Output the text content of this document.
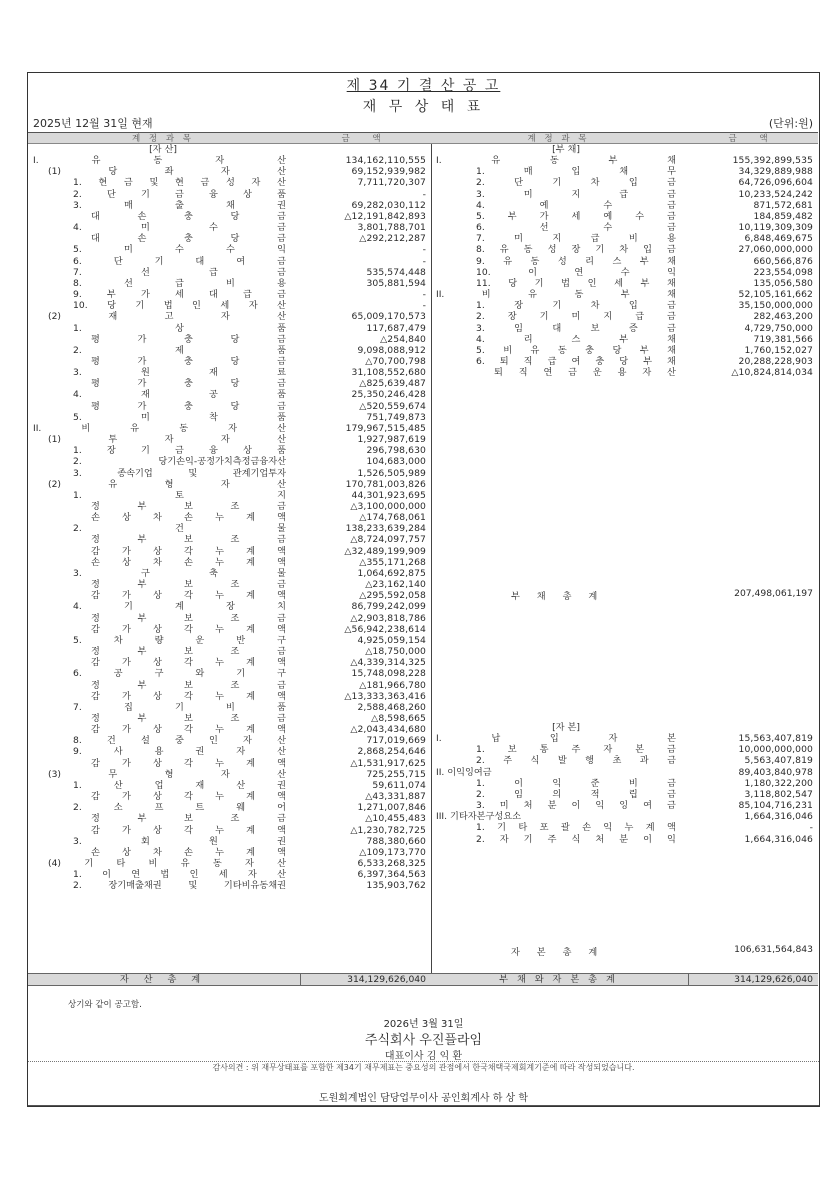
제 34 기 결 산 공 고
재 무 상 태 표
2025년 12월 31일 현재	(단위:원)
계 정 과 목	금 액
[자 산]
I.	유	동	자	산	134,162,110,555
(1)	당	좌	자	산	69,152,939,982
1. 현 금 및 현 금 성 자 산	7,711,720,307
2.	단	기	금	융	상	품	-
3.	매	출	채	권	69,282,030,112
대	손	충	당	금	△12,191,842,893
4.	미	수	금	3,801,788,701
대	손	충	당	금	△292,212,287
5.	미	수	수	익	-
6.	단	기	대	여	금	-
7.	선	급	금	535,574,448
8.	선	급	비	용	305,881,594
9.	부	가	세	대	급	금	-
10. 당 기 법 인 세 자 산	-
(2)	재	고	자	산	65,009,170,573
1.	상	품	117,687,479
평	가	충	당	금	△254,840
2.	제	품	9,098,088,912
평	가	충	당	금	△70,700,798
3.	원	재	료	31,108,552,680
평	가	충	당	금	△825,639,487
4.	재	공	품	25,350,246,428
평	가	충	당	금	△520,559,674
5.	미	착	품	751,749,873
II.	비	유	동	자	산	179,967,515,485
(1)	투	자	자	산	1,927,987,619
1.	장	기	금	융	상	품	296,798,630
2.	당기손익-공정가치측정금융자산	104,683,000
3.	종속기업	및	관계기업투자	1,526,505,989
(2)	유	형	자	산	170,781,003,826
1.	토	지	44,301,923,695
정	부	보	조	금	△3,100,000,000
손 상 차 손 누 계 액	△174,768,061
2.	건	물	138,233,639,284
정	부	보	조	금	△8,724,097,757
감 가 상 각 누 계 액	△32,489,199,909
손 상 차 손 누 계 액	△355,171,268
3.	구	축	물	1,064,692,875
정	부	보	조	금	△23,162,140
감 가 상 각 누 계 액	△295,592,058
4.	기	계	장	치	86,799,242,099
정	부	보	조	금	△2,903,818,786
감 가 상 각 누 계 액	△56,942,238,614
5.	차	량	운	반	구	4,925,059,154
정	부	보	조	금	△18,750,000
감 가 상 각 누 계 액	△4,339,314,325
6.	공	구	와	기	구	15,748,098,228
정	부	보	조	금	△181,966,780
감 가 상 각 누 계 액	△13,333,363,416
7.	집	기	비	품	2,588,468,260
정	부	보	조	금	△8,598,665
감 가 상 각 누 계 액	△2,043,434,680
8.	건	설	중	인	자	산	717,019,669
9.	사	용	권	자	산	2,868,254,646
감 가 상 각 누 계 액	△1,531,917,625
(3)	무	형	자	산	725,255,715
1.	산	업	재	산	권	59,611,074
감 가 상 각 누 계 액	△43,331,887
2.	소	프	트	웨	어	1,271,007,846
정	부	보	조	금	△10,455,483
감 가 상 각 누 계 액	△1,230,782,725
3.	회	원	권	788,380,660
손 상 차 손 누 계 액	△109,173,770
(4)	기	타	비	유	동	자	산	6,533,268,325
1. 이 연 법 인 세 자 산	6,397,364,563
2.	장기매출채권	및	기타비유동채권	135,903,762
자 산 총 계	314,129,626,040
계 정 과 목	금 액
[부 채]
I.	유	동	부	채	155,392,899,535
1.	매	입	채	무	34,329,889,988
2.	단	기	차	입	금	64,726,096,604
3.	미	지	급	금	10,233,524,242
4.	예	수	금	871,572,681
5. 부 가 세 예 수 금	184,859,482
6.	선	수	금	10,119,309,309
7.	미	지	급	비	용	6,848,469,675
8. 유 동 성 장 기 차 입 금	27,060,000,000
9. 유 동 성 리 스 부 채	660,566,876
10.	이	연	수	익	223,554,098
11. 당 기 법 인 세 부 채	135,056,580
II.	비	유	동	부	채	52,105,161,662
1.	장	기	차	입	금	35,150,000,000
2. 장 기 미 지 급 금	282,463,200
3.	임	대	보	증	금	4,729,750,000
4.	리	스	부	채	719,381,566
5. 비 유 동 충 당 부 채	1,760,152,027
6. 퇴 직 급 여 충 당 부 채	20,288,228,903
퇴 직 연 금 운 용 자 산	△10,824,814,034
부 채 총 계	207,498,061,197
[자 본]
I.	납	입	자	본	15,563,407,819
1. 보 통 주 자 본 금	10,000,000,000
2. 주 식 발 행 초 과 금	5,563,407,819
II. 이익잉여금	89,403,840,978
1.	이	익	준	비	금	1,180,322,200
2.	임	의	적	립	금	3,118,802,547
3. 미 처 분 이 익 잉 여 금	85,104,716,231
III. 기타자본구성요소	1,664,316,046
1. 기 타 포 괄 손 익 누 계 액	-
2. 자 기 주 식 처 분 이 익	1,664,316,046
자 본 총 계	106,631,564,843
부 채 와 자 본 총 계	314,129,626,040
상기와 같이 공고함.
2026년 3월 31일
주식회사 우진플라임
대표이사 김 익 환
감사의견 : 위 재무상태표를 포함한 제34기 재무제표는 중요성의 관점에서 한국채택국제회계기준에 따라 작성되었습니다.
도원회계법인 담당업무이사 공인회계사 하 상 학
